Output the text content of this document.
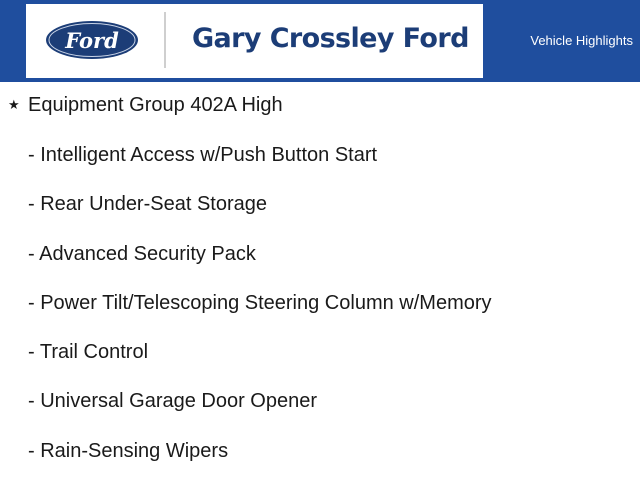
Ford	Gary Crossley Ford	Vehicle Highlights
★ Equipment Group 402A High
- Intelligent Access w/Push Button Start
- Rear Under-Seat Storage
- Advanced Security Pack
- Power Tilt/Telescoping Steering Column w/Memory
- Trail Control
- Universal Garage Door Opener
- Rain-Sensing Wipers
